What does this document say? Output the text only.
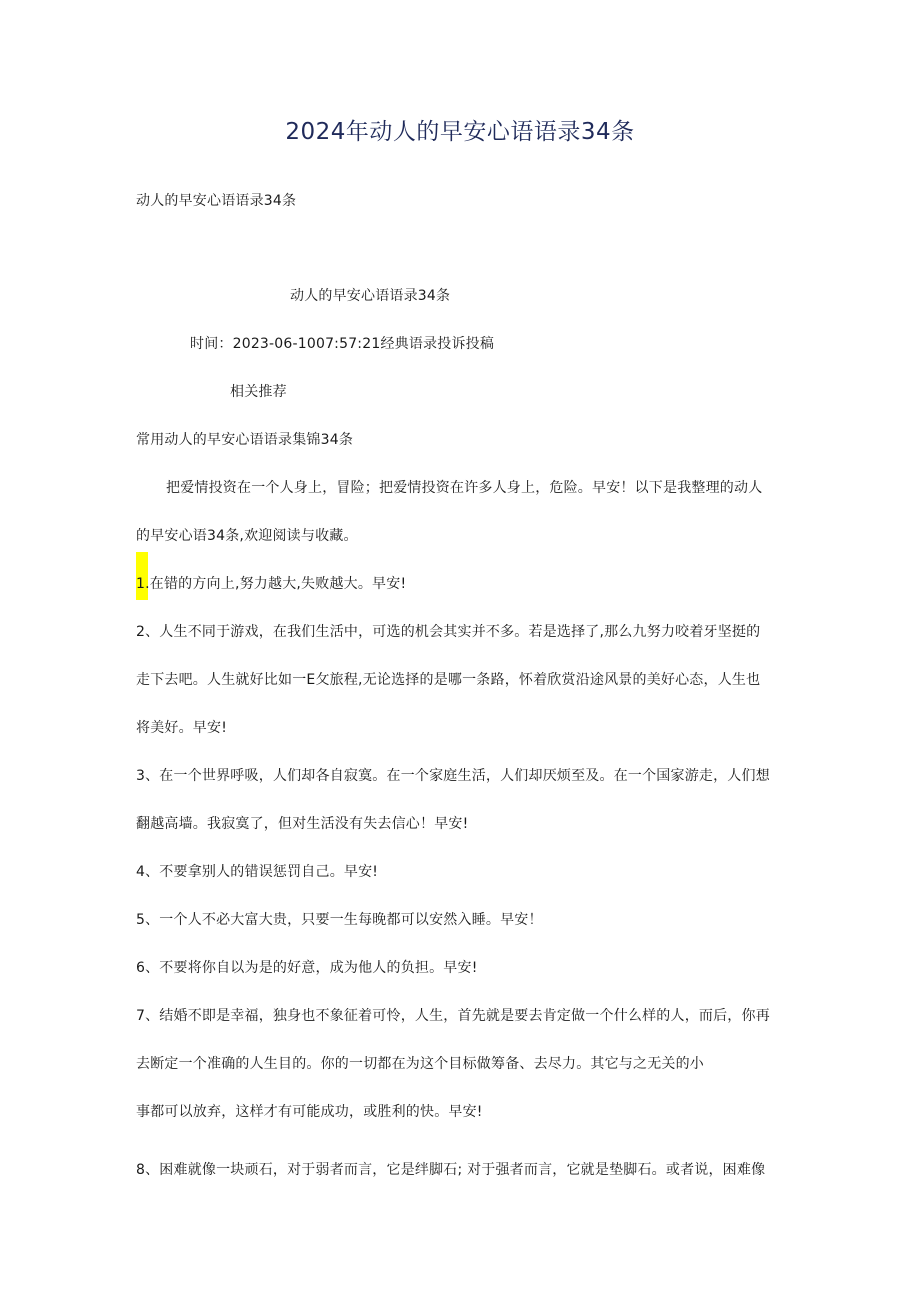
2024年动人的早安心语语录34条
动人的早安心语语录34条
动人的早安心语语录34条
时间：2023-06-1007:57:21经典语录投诉投稿
相关推荐
常用动人的早安心语语录集锦34条
把爱情投资在一个人身上，冒险；把爱情投资在许多人身上，危险。早安！以下是我整理的动人
的早安心语34条,欢迎阅读与收藏。
1.在错的方向上,努力越大,失败越大。早安!
2、人生不同于游戏，在我们生活中，可选的机会其实并不多。若是选择了,那么九努力咬着牙坚挺的
走下去吧。人生就好比如一E攵旅程,无论选择的是哪一条路，怀着欣赏沿途风景的美好心态，人生也
将美好。早安!
3、在一个世界呼吸，人们却各自寂寞。在一个家庭生活，人们却厌烦至及。在一个国家游走，人们想
翻越高墙。我寂寞了，但对生活没有失去信心！早安!
4、不要拿别人的错误惩罚自己。早安!
5、一个人不必大富大贵，只要一生每晚都可以安然入睡。早安！
6、不要将你自以为是的好意，成为他人的负担。早安!
7、结婚不即是幸福，独身也不象征着可怜，人生，首先就是要去肯定做一个什么样的人，而后，你再
去断定一个准确的人生目的。你的一切都在为这个目标做筹备、去尽力。其它与之无关的小
事都可以放弃，这样才有可能成功，或胜利的快。早安!
8、困难就像一块顽石，对于弱者而言，它是绊脚石; 对于强者而言，它就是垫脚石。或者说，困难像
